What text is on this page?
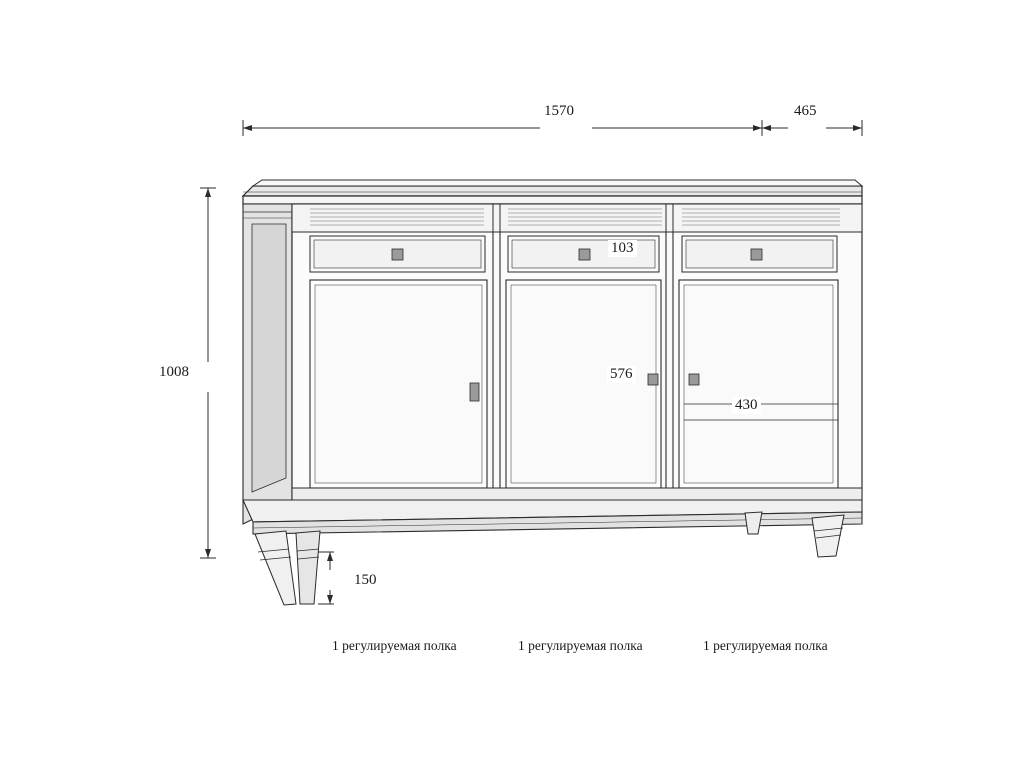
1570	465
1008
103
576
430
150
1 регулируемая полка	1 регулируемая полка	1 регулируемая полка
